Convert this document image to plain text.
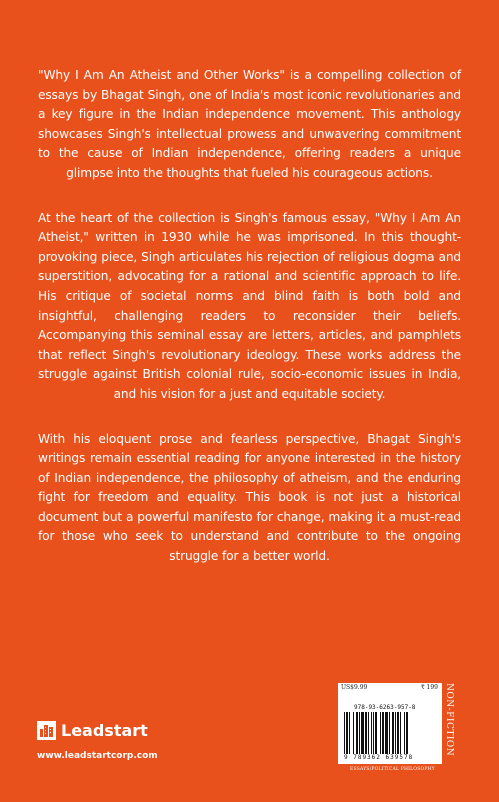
"Why I Am An Atheist and Other Works" is a compelling collection of essays by Bhagat Singh, one of India's most iconic revolutionaries and a key figure in the Indian independence movement. This anthology showcases Singh's intellectual prowess and unwavering commitment to the cause of Indian independence, offering readers a unique glimpse into the thoughts that fueled his courageous actions.

At the heart of the collection is Singh's famous essay, "Why I Am An Atheist," written in 1930 while he was imprisoned. In this thought-provoking piece, Singh articulates his rejection of religious dogma and superstition, advocating for a rational and scientific approach to life. His critique of societal norms and blind faith is both bold and insightful, challenging readers to reconsider their beliefs. Accompanying this seminal essay are letters, articles, and pamphlets that reflect Singh's revolutionary ideology. These works address the struggle against British colonial rule, socio-economic issues in India, and his vision for a just and equitable society.

With his eloquent prose and fearless perspective, Bhagat Singh's writings remain essential reading for anyone interested in the history of Indian independence, the philosophy of atheism, and the enduring fight for freedom and equality. This book is not just a historical document but a powerful manifesto for change, making it a must-read for those who seek to understand and contribute to the ongoing struggle for a better world.

Leadstart
www.leadstartcorp.com
US$9.99	₹ 199
978-93-6263-957-8
9 789362 639578
NON-FICTION
ESSAYS/POLITICAL PHILOSOPHY
